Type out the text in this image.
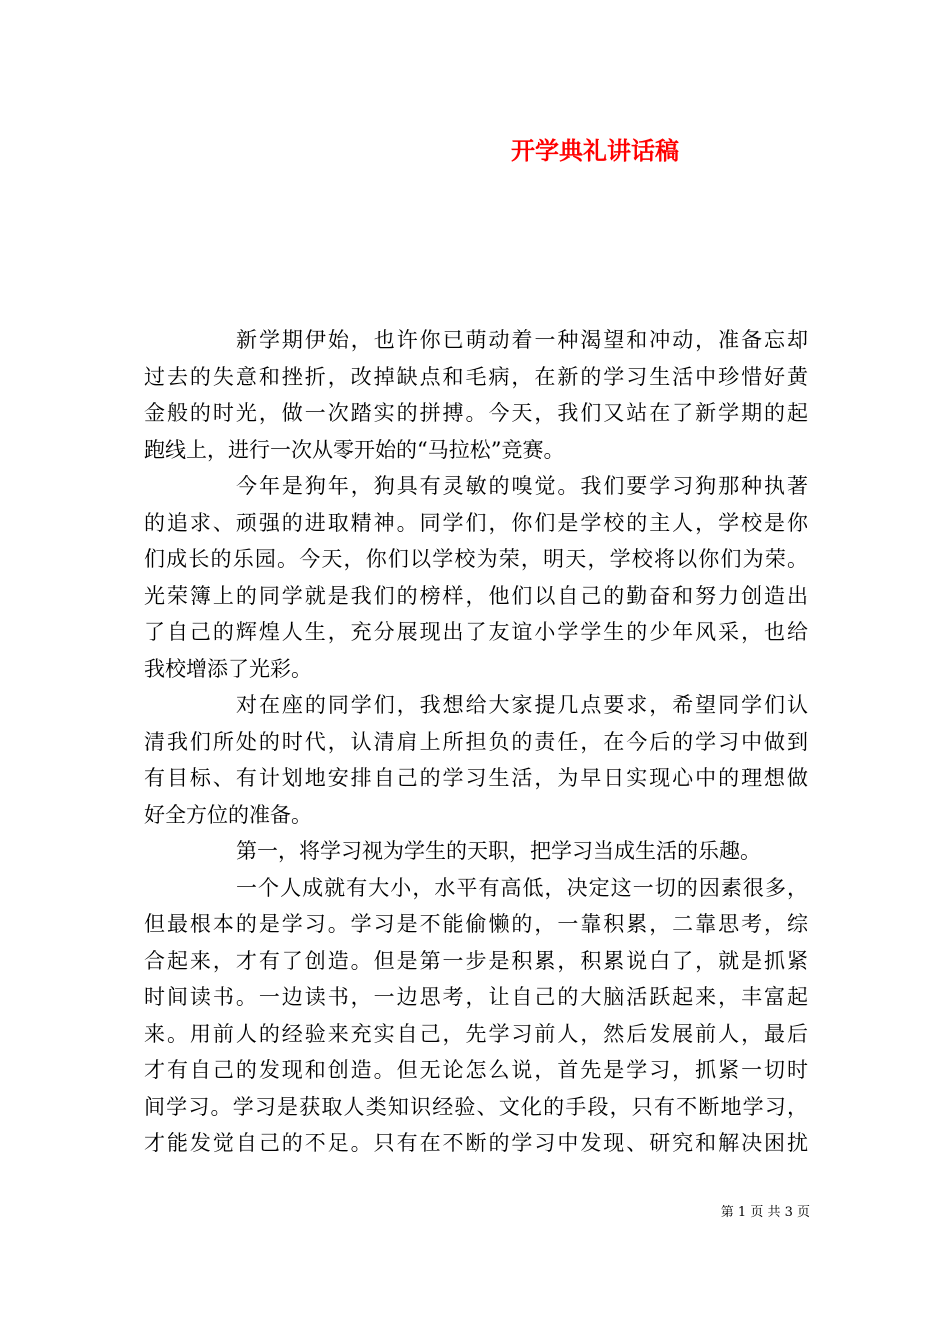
开学典礼讲话稿
新学期伊始，也许你已萌动着一种渴望和冲动，准备忘却
过去的失意和挫折，改掉缺点和毛病，在新的学习生活中珍惜好黄
金般的时光，做一次踏实的拼搏。今天，我们又站在了新学期的起
跑线上，进行一次从零开始的“马拉松”竞赛。
今年是狗年，狗具有灵敏的嗅觉。我们要学习狗那种执著
的追求、顽强的进取精神。同学们，你们是学校的主人，学校是你
们成长的乐园。今天，你们以学校为荣，明天，学校将以你们为荣。
光荣簿上的同学就是我们的榜样，他们以自己的勤奋和努力创造出
了自己的辉煌人生，充分展现出了友谊小学学生的少年风采，也给
我校增添了光彩。
对在座的同学们，我想给大家提几点要求，希望同学们认
清我们所处的时代，认清肩上所担负的责任，在今后的学习中做到
有目标、有计划地安排自己的学习生活，为早日实现心中的理想做
好全方位的准备。
第一，将学习视为学生的天职，把学习当成生活的乐趣。
一个人成就有大小，水平有高低，决定这一切的因素很多，
但最根本的是学习。学习是不能偷懒的，一靠积累，二靠思考，综
合起来，才有了创造。但是第一步是积累，积累说白了，就是抓紧
时间读书。一边读书，一边思考，让自己的大脑活跃起来，丰富起
来。用前人的经验来充实自己，先学习前人，然后发展前人，最后
才有自己的发现和创造。但无论怎么说，首先是学习，抓紧一切时
间学习。学习是获取人类知识经验、文化的手段，只有不断地学习，
才能发觉自己的不足。只有在不断的学习中发现、研究和解决困扰
第 1 页 共 3 页
